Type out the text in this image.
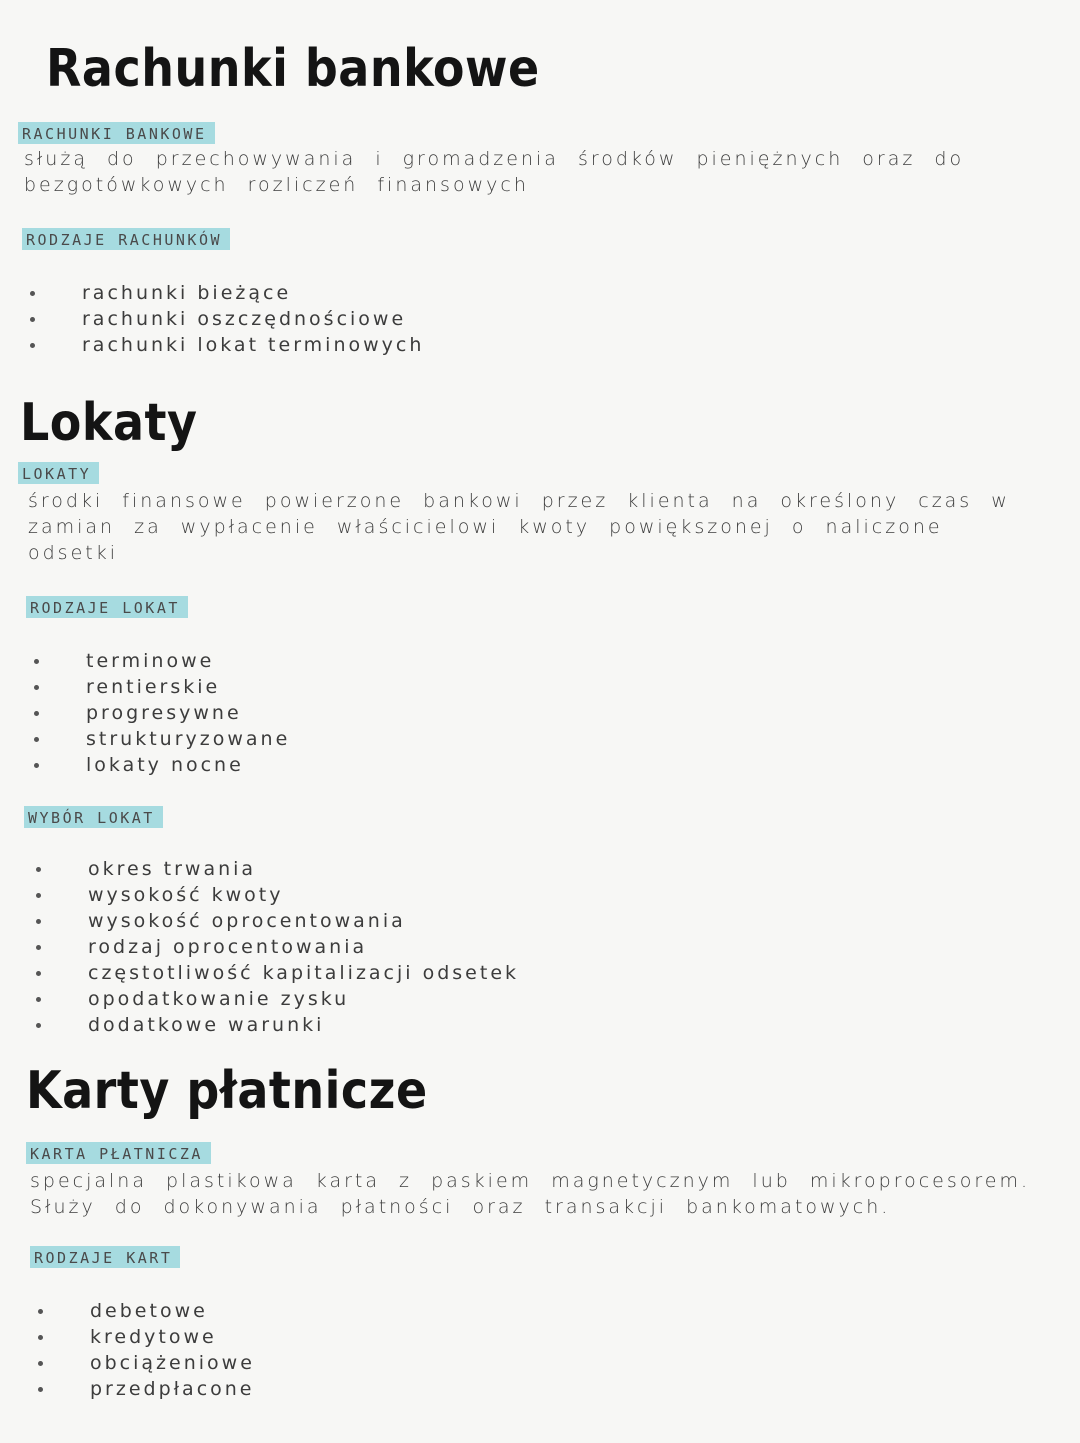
Rachunki bankowe
RACHUNKI BANKOWE
służą do przechowywania i gromadzenia środków pieniężnych oraz do bezgotówkowych rozliczeń finansowych
RODZAJE RACHUNKÓW
rachunki bieżące
rachunki oszczędnościowe
rachunki lokat terminowych
Lokaty
LOKATY
środki finansowe powierzone bankowi przez klienta na określony czas w zamian za wypłacenie właścicielowi kwoty powiększonej o naliczone odsetki
RODZAJE LOKAT
terminowe
rentierskie
progresywne
strukturyzowane
lokaty nocne
WYBÓR LOKAT
okres trwania
wysokość kwoty
wysokość oprocentowania
rodzaj oprocentowania
częstotliwość kapitalizacji odsetek
opodatkowanie zysku
dodatkowe warunki
Karty płatnicze
KARTA PŁATNICZA
specjalna plastikowa karta z paskiem magnetycznym lub mikroprocesorem. Służy do dokonywania płatności oraz transakcji bankomatowych.
RODZAJE KART
debetowe
kredytowe
obciążeniowe
przedpłacone
